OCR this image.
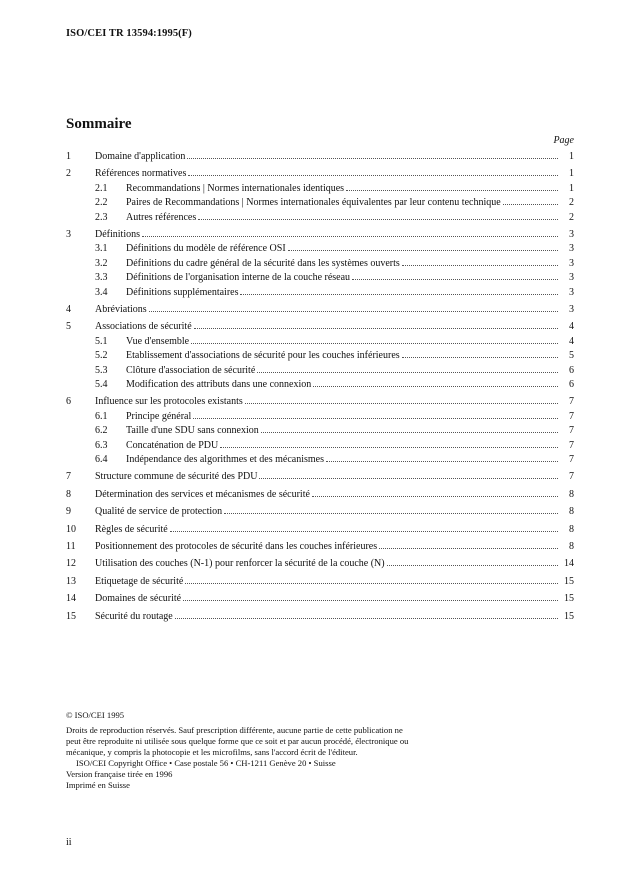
ISO/CEI TR 13594:1995(F)
Sommaire
Page
1	Domaine d'application	1
2	Références normatives	1
2.1	Recommandations | Normes internationales identiques	1
2.2	Paires de Recommandations | Normes internationales équivalentes par leur contenu technique	2
2.3	Autres références	2
3	Définitions	3
3.1	Définitions du modèle de référence OSI	3
3.2	Définitions du cadre général de la sécurité dans les systèmes ouverts	3
3.3	Définitions de l'organisation interne de la couche réseau	3
3.4	Définitions supplémentaires	3
4	Abréviations	3
5	Associations de sécurité	4
5.1	Vue d'ensemble	4
5.2	Etablissement d'associations de sécurité pour les couches inférieures	5
5.3	Clôture d'association de sécurité	6
5.4	Modification des attributs dans une connexion	6
6	Influence sur les protocoles existants	7
6.1	Principe général	7
6.2	Taille d'une SDU sans connexion	7
6.3	Concaténation de PDU	7
6.4	Indépendance des algorithmes et des mécanismes	7
7	Structure commune de sécurité des PDU	7
8	Détermination des services et mécanismes de sécurité	8
9	Qualité de service de protection	8
10	Règles de sécurité	8
11	Positionnement des protocoles de sécurité dans les couches inférieures	8
12	Utilisation des couches (N-1) pour renforcer la sécurité de la couche (N)	14
13	Etiquetage de sécurité	15
14	Domaines de sécurité	15
15	Sécurité du routage	15

© ISO/CEI 1995

Droits de reproduction réservés. Sauf prescription différente, aucune partie de cette publication ne peut être reproduite ni utilisée sous quelque forme que ce soit et par aucun procédé, électronique ou mécanique, y compris la photocopie et les microfilms, sans l'accord écrit de l'éditeur.

ISO/CEI Copyright Office • Case postale 56 • CH-1211 Genève 20 • Suisse

Version française tirée en 1996

Imprimé en Suisse

ii
